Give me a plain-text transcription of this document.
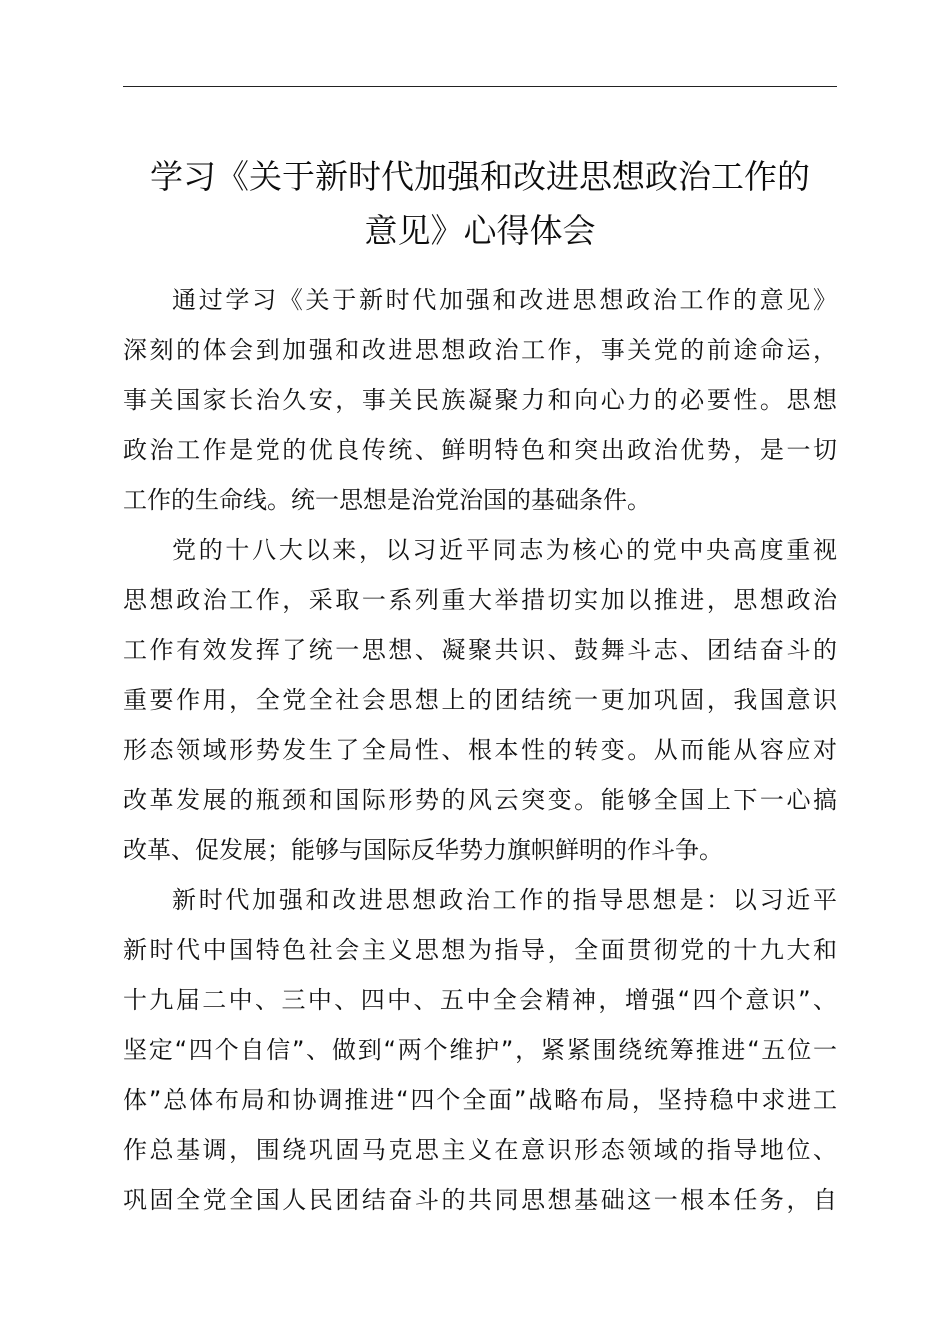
学习《关于新时代加强和改进思想政治工作的
意见》心得体会

通过学习《关于新时代加强和改进思想政治工作的意见》
深刻的体会到加强和改进思想政治工作，事关党的前途命运，
事关国家长治久安，事关民族凝聚力和向心力的必要性。思想
政治工作是党的优良传统、鲜明特色和突出政治优势，是一切
工作的生命线。统一思想是治党治国的基础条件。

党的十八大以来，以习近平同志为核心的党中央高度重视
思想政治工作，采取一系列重大举措切实加以推进，思想政治
工作有效发挥了统一思想、凝聚共识、鼓舞斗志、团结奋斗的
重要作用，全党全社会思想上的团结统一更加巩固，我国意识
形态领域形势发生了全局性、根本性的转变。从而能从容应对
改革发展的瓶颈和国际形势的风云突变。能够全国上下一心搞
改革、促发展；能够与国际反华势力旗帜鲜明的作斗争。

新时代加强和改进思想政治工作的指导思想是：以习近平
新时代中国特色社会主义思想为指导，全面贯彻党的十九大和
十九届二中、三中、四中、五中全会精神，增强“四个意识”、
坚定“四个自信”、做到“两个维护”，紧紧围绕统筹推进“五位一
体”总体布局和协调推进“四个全面”战略布局，坚持稳中求进工
作总基调，围绕巩固马克思主义在意识形态领域的指导地位、
巩固全党全国人民团结奋斗的共同思想基础这一根本任务，自
